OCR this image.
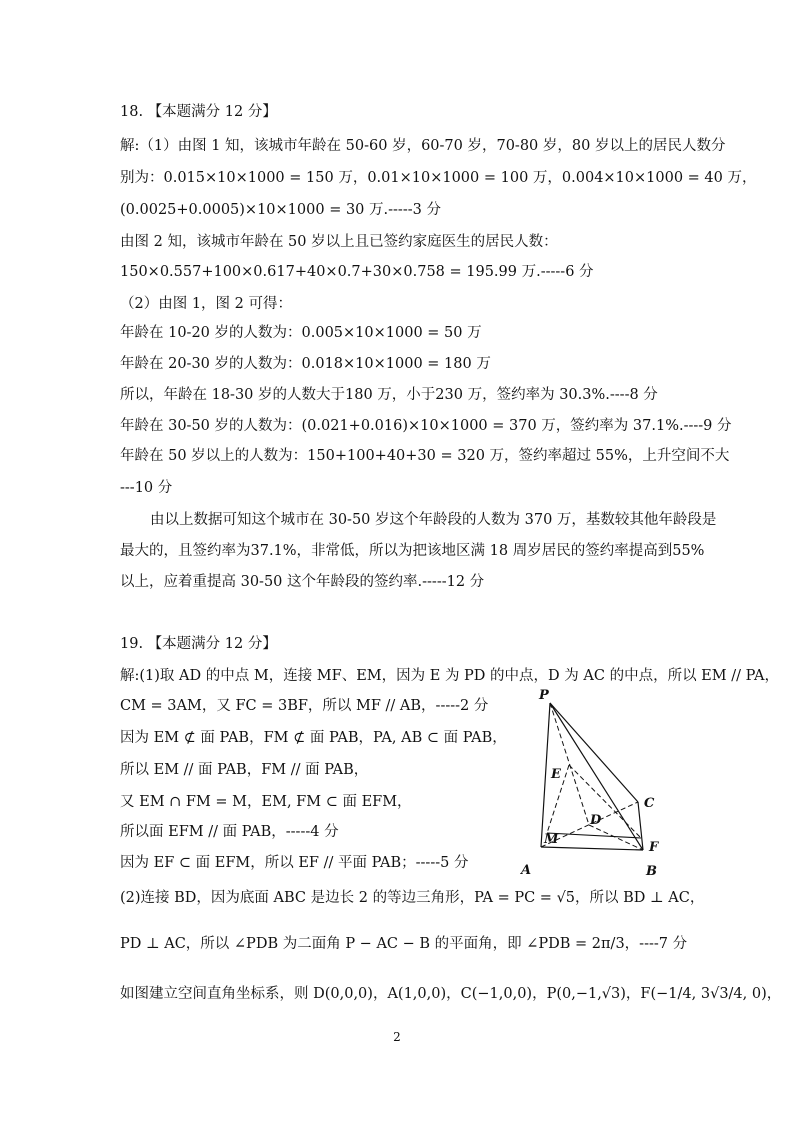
18. 【本题满分 12 分】
解:（1）由图 1 知，该城市年龄在 50-60 岁，60-70 岁，70-80 岁，80 岁以上的居民人数分
别为：0.015×10×1000 = 150 万，0.01×10×1000 = 100 万，0.004×10×1000 = 40 万，
(0.0025+0.0005)×10×1000 = 30 万.-----3 分
由图 2 知，该城市年龄在 50 岁以上且已签约家庭医生的居民人数：
150×0.557+100×0.617+40×0.7+30×0.758 = 195.99 万.-----6 分
（2）由图 1，图 2 可得：
年龄在 10-20 岁的人数为：0.005×10×1000 = 50 万
年龄在 20-30 岁的人数为：0.018×10×1000 = 180 万
所以，年龄在 18-30 岁的人数大于180 万，小于230 万，签约率为 30.3%.----8 分
年龄在 30-50 岁的人数为：(0.021+0.016)×10×1000 = 370 万，签约率为 37.1%.----9 分
年龄在 50 岁以上的人数为：150+100+40+30 = 320 万，签约率超过 55%，上升空间不大
---10 分
由以上数据可知这个城市在 30-50 岁这个年龄段的人数为 370 万，基数较其他年龄段是
最大的，且签约率为37.1%，非常低，所以为把该地区满 18 周岁居民的签约率提高到55%
以上，应着重提高 30-50 这个年龄段的签约率.-----12 分
19. 【本题满分 12 分】
解:(1)取 AD 的中点 M，连接 MF、EM，因为 E 为 PD 的中点，D 为 AC 的中点，所以 EM // PA，
CM = 3AM，又 FC = 3BF，所以 MF // AB，-----2 分
因为 EM ⊄ 面 PAB，FM ⊄ 面 PAB，PA, AB ⊂ 面 PAB，
所以 EM // 面 PAB，FM // 面 PAB，
又 EM ∩ FM = M，EM, FM ⊂ 面 EFM，
所以面 EFM // 面 PAB，-----4 分
因为 EF ⊂ 面 EFM，所以 EF // 平面 PAB；-----5 分
(2)连接 BD，因为底面 ABC 是边长 2 的等边三角形，PA = PC = √5，所以 BD ⊥ AC，
PD ⊥ AC，所以 ∠PDB 为二面角 P − AC − B 的平面角，即 ∠PDB = 2π/3，----7 分
如图建立空间直角坐标系，则 D(0,0,0)，A(1,0,0)，C(−1,0,0)，P(0,−1,√3)，F(−1/4, 3√3/4, 0)，
P
E
C
D
M
F
A	B
2
